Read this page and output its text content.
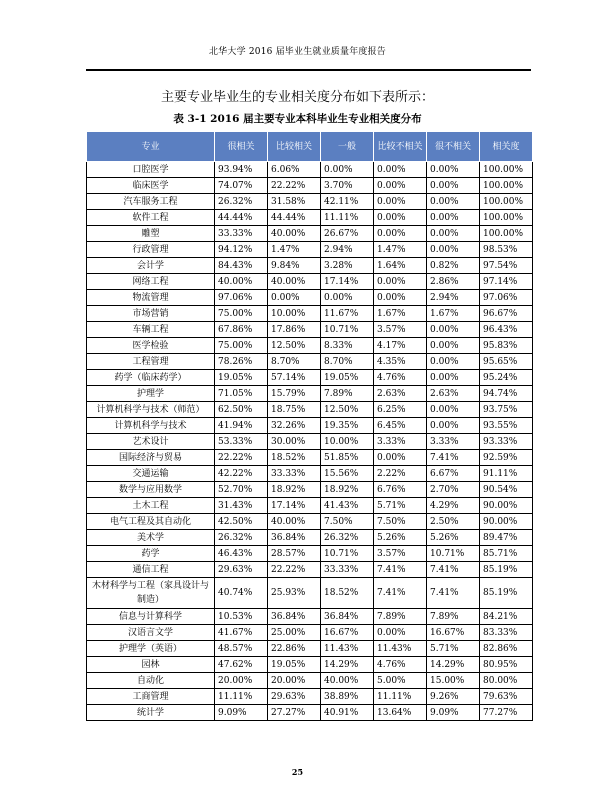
北华大学 2016 届毕业生就业质量年度报告
主要专业毕业生的专业相关度分布如下表所示：
表 3-1 2016 届主要专业本科毕业生专业相关度分布
专业	很相关	比较相关	一般	比较不相关	很不相关	相关度
口腔医学	93.94%	6.06%	0.00%	0.00%	0.00%	100.00%
临床医学	74.07%	22.22%	3.70%	0.00%	0.00%	100.00%
汽车服务工程	26.32%	31.58%	42.11%	0.00%	0.00%	100.00%
软件工程	44.44%	44.44%	11.11%	0.00%	0.00%	100.00%
雕塑	33.33%	40.00%	26.67%	0.00%	0.00%	100.00%
行政管理	94.12%	1.47%	2.94%	1.47%	0.00%	98.53%
会计学	84.43%	9.84%	3.28%	1.64%	0.82%	97.54%
网络工程	40.00%	40.00%	17.14%	0.00%	2.86%	97.14%
物流管理	97.06%	0.00%	0.00%	0.00%	2.94%	97.06%
市场营销	75.00%	10.00%	11.67%	1.67%	1.67%	96.67%
车辆工程	67.86%	17.86%	10.71%	3.57%	0.00%	96.43%
医学检验	75.00%	12.50%	8.33%	4.17%	0.00%	95.83%
工程管理	78.26%	8.70%	8.70%	4.35%	0.00%	95.65%
药学（临床药学）	19.05%	57.14%	19.05%	4.76%	0.00%	95.24%
护理学	71.05%	15.79%	7.89%	2.63%	2.63%	94.74%
计算机科学与技术（师范）	62.50%	18.75%	12.50%	6.25%	0.00%	93.75%
计算机科学与技术	41.94%	32.26%	19.35%	6.45%	0.00%	93.55%
艺术设计	53.33%	30.00%	10.00%	3.33%	3.33%	93.33%
国际经济与贸易	22.22%	18.52%	51.85%	0.00%	7.41%	92.59%
交通运输	42.22%	33.33%	15.56%	2.22%	6.67%	91.11%
数学与应用数学	52.70%	18.92%	18.92%	6.76%	2.70%	90.54%
土木工程	31.43%	17.14%	41.43%	5.71%	4.29%	90.00%
电气工程及其自动化	42.50%	40.00%	7.50%	7.50%	2.50%	90.00%
美术学	26.32%	36.84%	26.32%	5.26%	5.26%	89.47%
药学	46.43%	28.57%	10.71%	3.57%	10.71%	85.71%
通信工程	29.63%	22.22%	33.33%	7.41%	7.41%	85.19%
木材科学与工程（家具设计与制造）	40.74%	25.93%	18.52%	7.41%	7.41%	85.19%
信息与计算科学	10.53%	36.84%	36.84%	7.89%	7.89%	84.21%
汉语言文学	41.67%	25.00%	16.67%	0.00%	16.67%	83.33%
护理学（英语）	48.57%	22.86%	11.43%	11.43%	5.71%	82.86%
园林	47.62%	19.05%	14.29%	4.76%	14.29%	80.95%
自动化	20.00%	20.00%	40.00%	5.00%	15.00%	80.00%
工商管理	11.11%	29.63%	38.89%	11.11%	9.26%	79.63%
统计学	9.09%	27.27%	40.91%	13.64%	9.09%	77.27%
25
